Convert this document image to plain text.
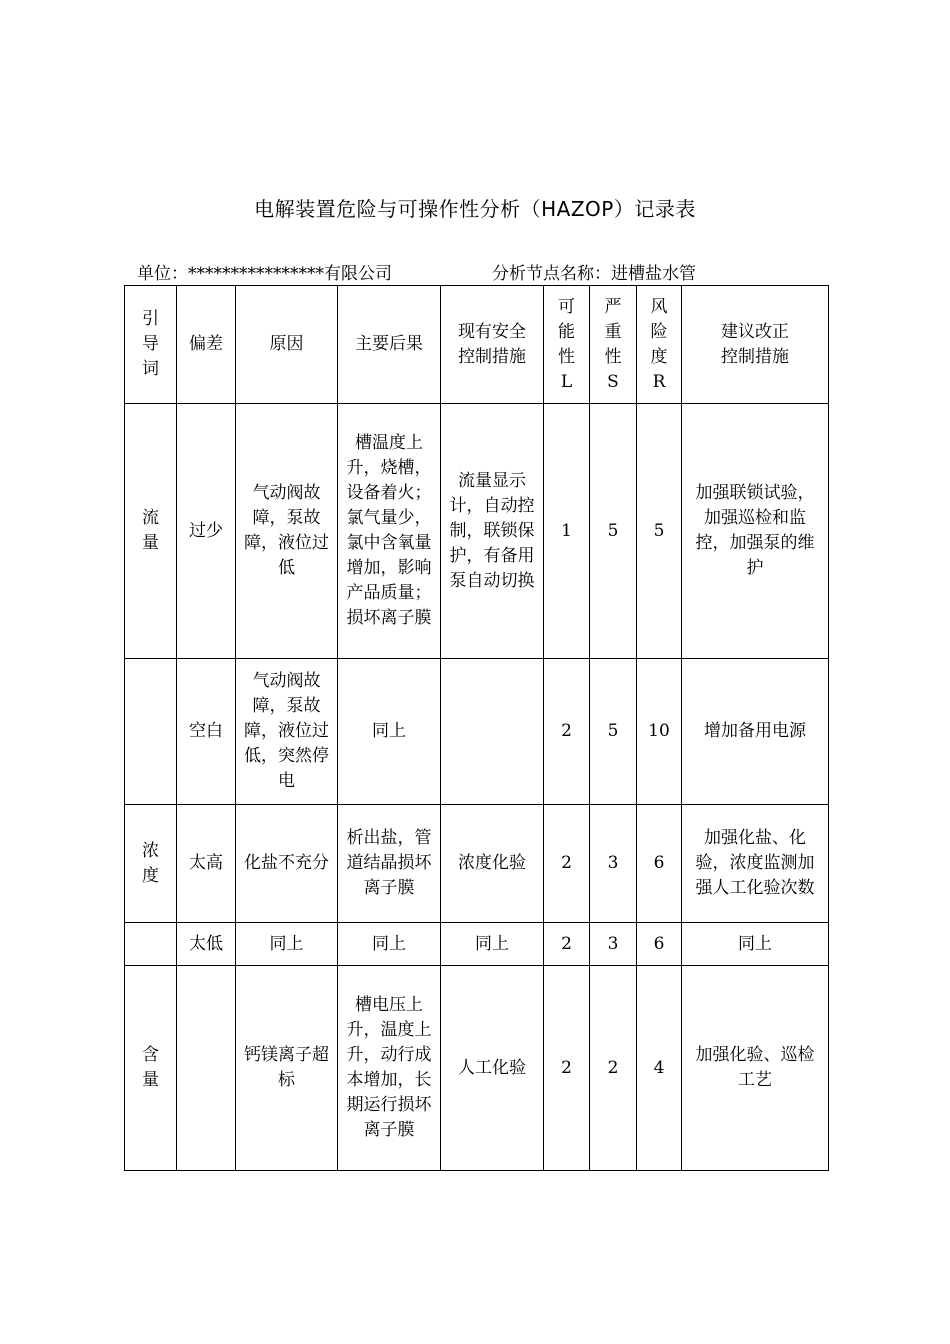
电解装置危险与可操作性分析（HAZOP）记录表
单位：****************有限公司	分析节点名称：进槽盐水管
引导词	偏差	原因	主要后果	现有安全控制措施	可能性L	严重性S	风险度R	建议改正
控制措施
流量	过少	气动阀故障，泵故障，液位过低	槽温度上升，烧槽，设备着火；氯气量少，氯中含氧量增加，影响产品质量；损坏离子膜	流量显示计，自动控制，联锁保护，有备用泵自动切换	1	5	5	加强联锁试验，加强巡检和监控，加强泵的维护
	空白	气动阀故障，泵故障，液位过低，突然停电	同上		2	5	10	增加备用电源
浓度	太高	化盐不充分	析出盐，管道结晶损坏离子膜	浓度化验	2	3	6	加强化盐、化验，浓度监测加强人工化验次数
	太低	同上	同上	同上	2	3	6	同上
含量		钙镁离子超标	槽电压上升，温度上升，动行成本增加，长期运行损坏离子膜	人工化验	2	2	4	加强化验、巡检工艺
